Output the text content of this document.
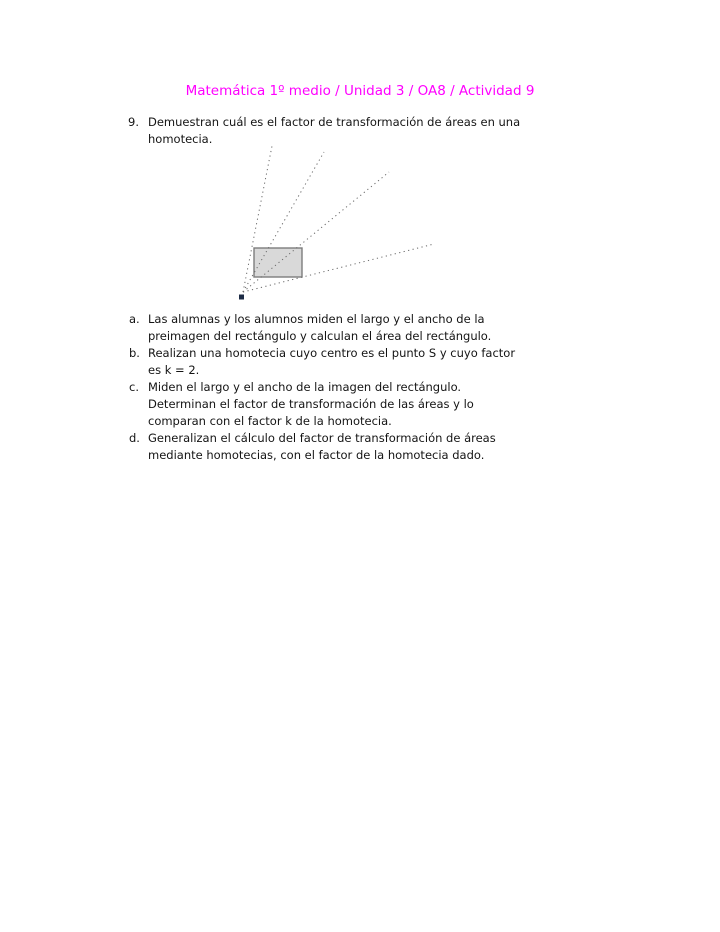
Matemática 1º medio / Unidad 3 / OA8 / Actividad 9
9. Demuestran cuál es el factor de transformación de áreas en una
homotecia.
a. Las alumnas y los alumnos miden el largo y el ancho de la
preimagen del rectángulo y calculan el área del rectángulo.
b. Realizan una homotecia cuyo centro es el punto S y cuyo factor
es k = 2.
c. Miden el largo y el ancho de la imagen del rectángulo.
Determinan el factor de transformación de las áreas y lo
comparan con el factor k de la homotecia.
d. Generalizan el cálculo del factor de transformación de áreas
mediante homotecias, con el factor de la homotecia dado.
